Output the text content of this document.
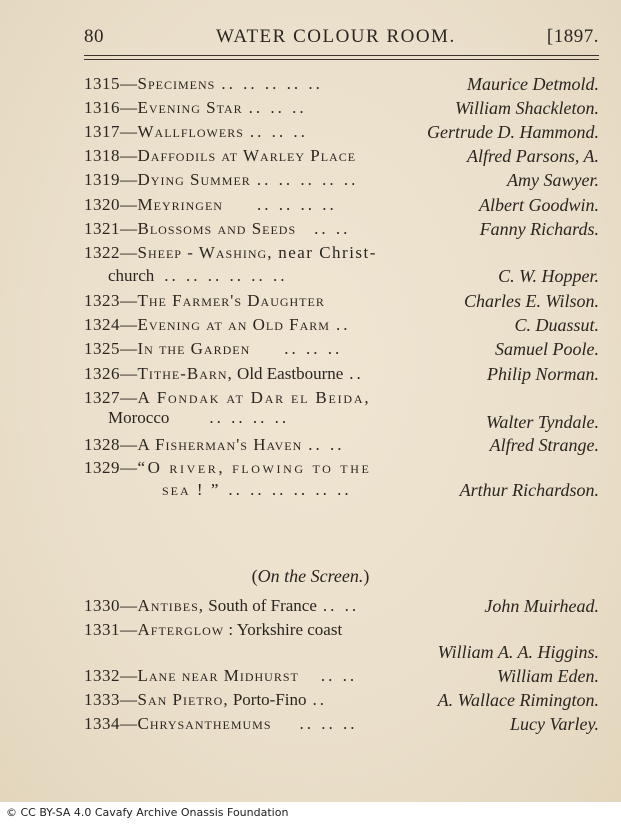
80	WATER COLOUR ROOM.	[1897.
1315—Specimens .. .. .. .. ..	Maurice Detmold.
1316—Evening Star .. .. ..	William Shackleton.
1317—Wallflowers .. .. ..	Gertrude D. Hammond.
1318—Daffodils at Warley Place	Alfred Parsons, A.
1319—Dying Summer .. .. .. .. ..	Amy Sawyer.
1320—Meyringen .. .. .. ..	Albert Goodwin.
1321—Blossoms and Seeds .. ..	Fanny Richards.
1322—Sheep - Washing, near Christ-
church .. .. .. .. .. ..	C. W. Hopper.
1323—The Farmer's Daughter	Charles E. Wilson.
1324—Evening at an Old Farm ..	C. Duassut.
1325—In the Garden .. .. ..	Samuel Poole.
1326—Tithe-Barn, Old Eastbourne ..	Philip Norman.
1327—A Fondak at Dar el Beida,
Morocco .. .. .. ..	Walter Tyndale.
1328—A Fisherman's Haven .. ..	Alfred Strange.
1329—“O river, flowing to the
sea ! ” .. .. .. .. .. ..	Arthur Richardson.
(On the Screen.)
1330—Antibes, South of France .. ..	John Muirhead.
1331—Afterglow : Yorkshire coast
William A. A. Higgins.
1332—Lane near Midhurst .. ..	William Eden.
1333—San Pietro, Porto-Fino ..	A. Wallace Rimington.
1334—Chrysanthemums .. .. ..	Lucy Varley.
© CC BY-SA 4.0 Cavafy Archive Onassis Foundation
